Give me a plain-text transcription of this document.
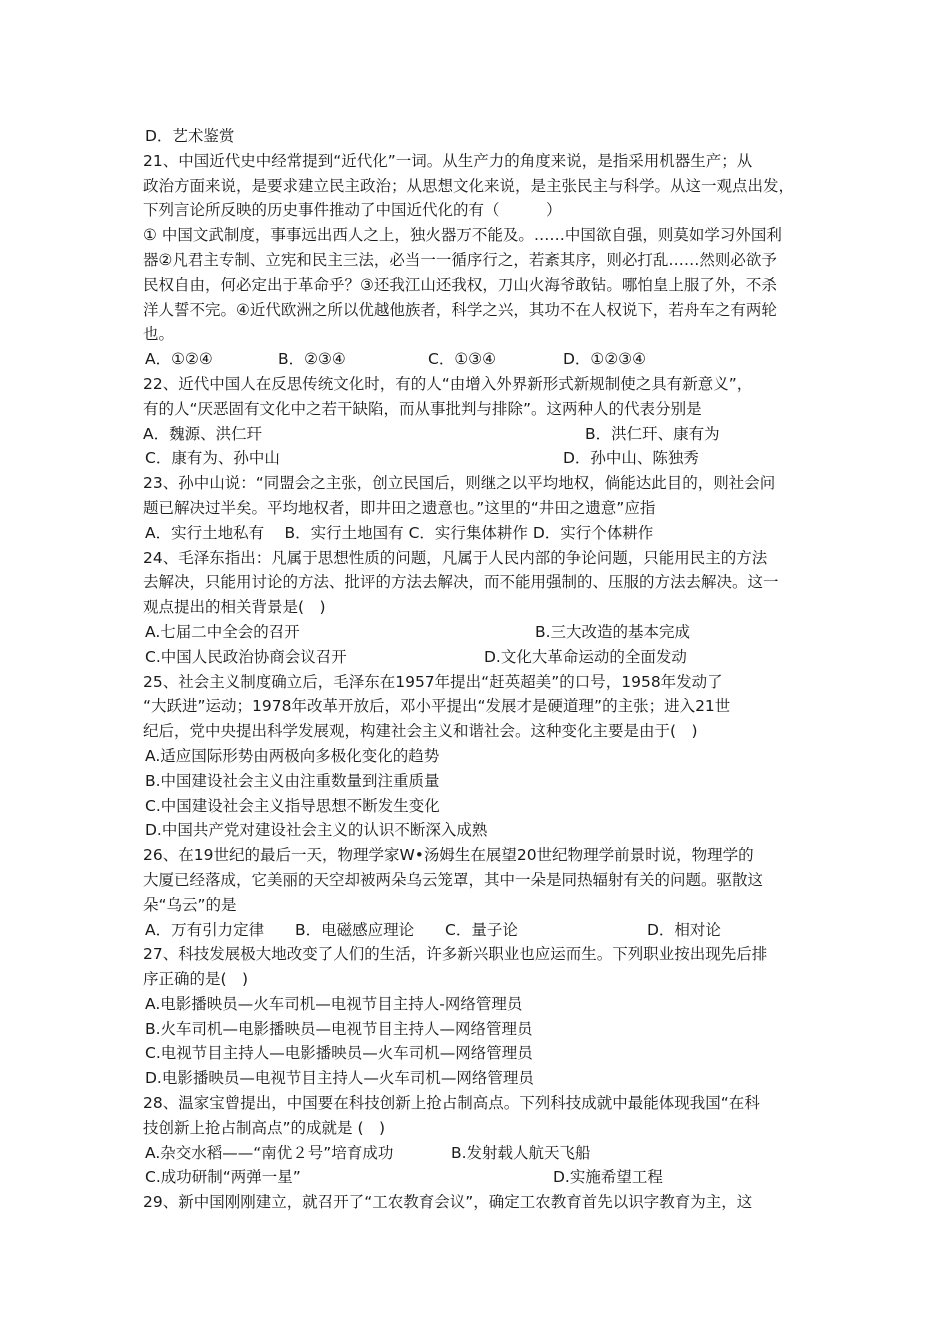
D．艺术鉴赏
21、中国近代史中经常提到“近代化”一词。从生产力的角度来说，是指采用机器生产；从
政治方面来说，是要求建立民主政治；从思想文化来说，是主张民主与科学。从这一观点出发，
下列言论所反映的历史事件推动了中国近代化的有（　　　）
① 中国文武制度，事事远出西人之上，独火器万不能及。……中国欲自强，则莫如学习外国利
器②凡君主专制、立宪和民主三法，必当一一循序行之，若紊其序，则必打乱……然则必欲予
民权自由，何必定出于革命乎？③还我江山还我权，刀山火海爷敢钻。哪怕皇上服了外，不杀
洋人誓不完。④近代欧洲之所以优越他族者，科学之兴，其功不在人权说下，若舟车之有两轮
也。
A．①②④	B．②③④	C．①③④	D．①②③④
22、近代中国人在反思传统文化时，有的人“由增入外界新形式新规制使之具有新意义”，
有的人“厌恶固有文化中之若干缺陷，而从事批判与排除”。这两种人的代表分别是
A．魏源、洪仁玕	B．洪仁玕、康有为
C．康有为、孙中山	D．孙中山、陈独秀
23、孙中山说：“同盟会之主张，创立民国后，则继之以平均地权，倘能达此目的，则社会问
题已解决过半矣。平均地权者，即井田之遗意也。”这里的“井田之遗意”应指
A．实行土地私有　 B．实行土地国有 C．实行集体耕作 D．实行个体耕作
24、毛泽东指出：凡属于思想性质的问题，凡属于人民内部的争论问题，只能用民主的方法
去解决，只能用讨论的方法、批评的方法去解决，而不能用强制的、压服的方法去解决。这一
观点提出的相关背景是(　)
A.七届二中全会的召开	B.三大改造的基本完成
C.中国人民政治协商会议召开	D.文化大革命运动的全面发动
25、社会主义制度确立后，毛泽东在1957年提出“赶英超美”的口号，1958年发动了
“大跃进”运动；1978年改革开放后，邓小平提出“发展才是硬道理”的主张；进入21世
纪后，党中央提出科学发展观，构建社会主义和谐社会。这种变化主要是由于(　)
A.适应国际形势由两极向多极化变化的趋势
B.中国建设社会主义由注重数量到注重质量
C.中国建设社会主义指导思想不断发生变化
D.中国共产党对建设社会主义的认识不断深入成熟
26、在19世纪的最后一天，物理学家W•汤姆生在展望20世纪物理学前景时说，物理学的
大厦已经落成，它美丽的天空却被两朵乌云笼罩，其中一朵是同热辐射有关的问题。驱散这
朵“乌云”的是
A．万有引力定律 B．电磁感应理论 C．量子论	D．相对论
27、科技发展极大地改变了人们的生活，许多新兴职业也应运而生。下列职业按出现先后排
序正确的是(　)
A.电影播映员—火车司机—电视节目主持人-网络管理员
B.火车司机—电影播映员—电视节目主持人—网络管理员
C.电视节目主持人—电影播映员—火车司机—网络管理员
D.电影播映员—电视节目主持人—火车司机—网络管理员
28、温家宝曾提出，中国要在科技创新上抢占制高点。下列科技成就中最能体现我国“在科
技创新上抢占制高点”的成就是 (　)
A.杂交水稻——“南优２号”培育成功	B.发射载人航天飞船
C.成功研制“两弹一星”	D.实施希望工程
29、新中国刚刚建立，就召开了“工农教育会议”，确定工农教育首先以识字教育为主，这
